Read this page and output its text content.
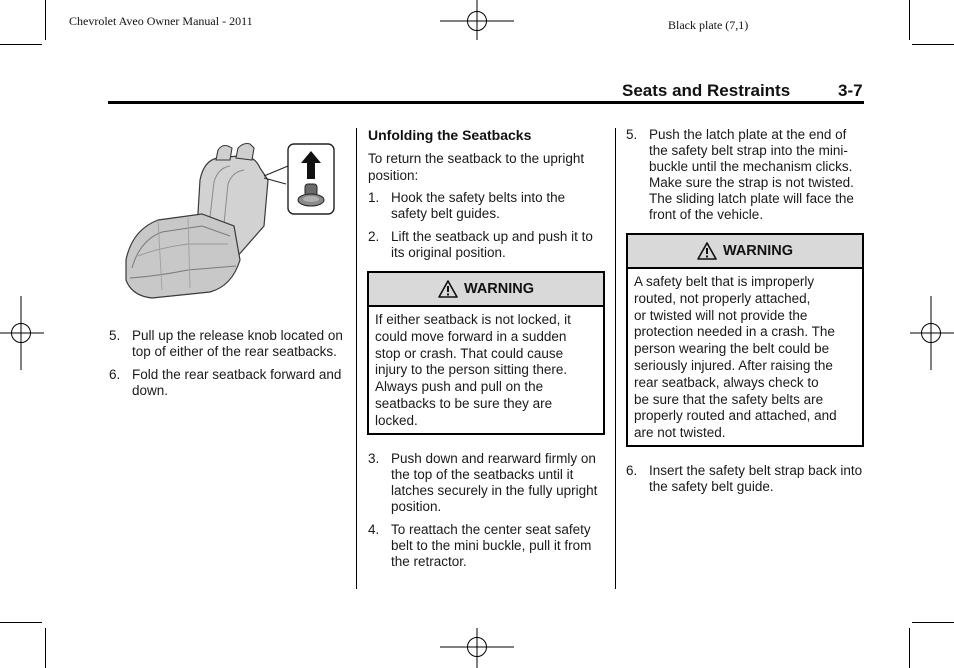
Chevrolet Aveo Owner Manual - 2011	Black plate (7,1)
Seats and Restraints	3-7
5. Pull up the release knob located on top of either of the rear seatbacks.
6. Fold the rear seatback forward and down.
Unfolding the Seatbacks
To return the seatback to the upright position:
1. Hook the safety belts into the safety belt guides.
2. Lift the seatback up and push it to its original position.
WARNING
If either seatback is not locked, it
could move forward in a sudden
stop or crash. That could cause
injury to the person sitting there.
Always push and pull on the
seatbacks to be sure they are
locked.
3. Push down and rearward firmly on the top of the seatbacks until it latches securely in the fully upright position.
4. To reattach the center seat safety belt to the mini buckle, pull it from the retractor.
5. Push the latch plate at the end of the safety belt strap into the mini-buckle until the mechanism clicks. Make sure the strap is not twisted. The sliding latch plate will face the front of the vehicle.
WARNING
A safety belt that is improperly
routed, not properly attached,
or twisted will not provide the
protection needed in a crash. The
person wearing the belt could be
seriously injured. After raising the
rear seatback, always check to
be sure that the safety belts are
properly routed and attached, and
are not twisted.
6. Insert the safety belt strap back into the safety belt guide.
